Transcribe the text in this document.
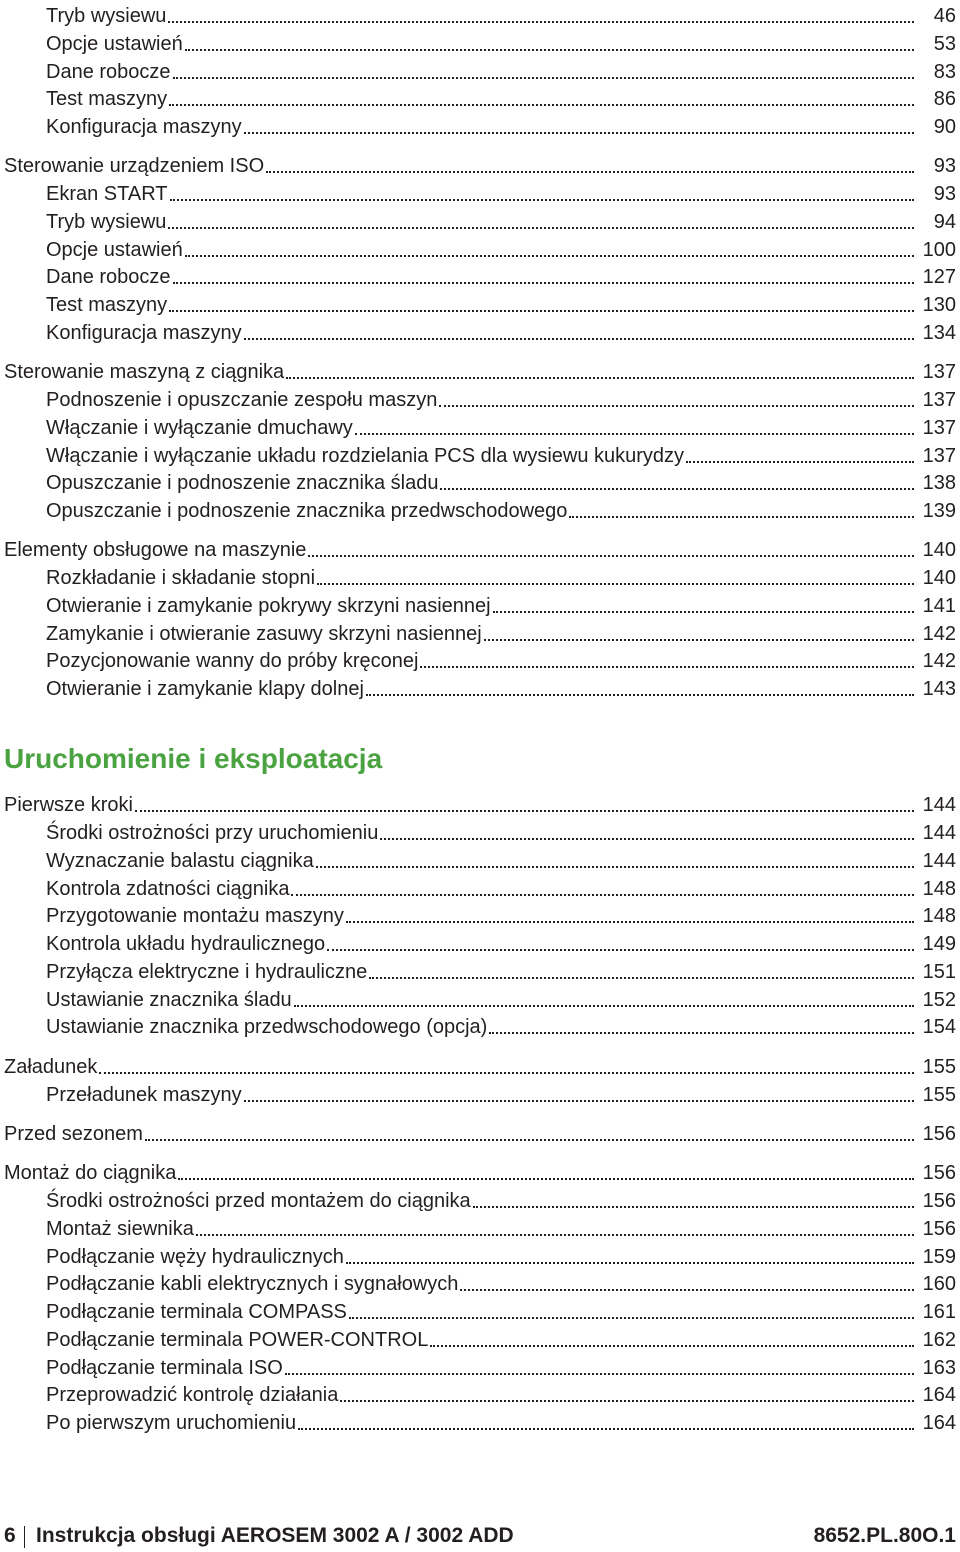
Uruchomienie i eksploatacja
Tryb wysiewu	46
Opcje ustawień	53
Dane robocze	83
Test maszyny	86
Konfiguracja maszyny	90
Sterowanie urządzeniem ISO	93
Ekran START	93
Tryb wysiewu	94
Opcje ustawień	100
Dane robocze	127
Test maszyny	130
Konfiguracja maszyny	134
Sterowanie maszyną z ciągnika	137
Podnoszenie i opuszczanie zespołu maszyn	137
Włączanie i wyłączanie dmuchawy	137
Włączanie i wyłączanie układu rozdzielania PCS dla wysiewu kukurydzy	137
Opuszczanie i podnoszenie znacznika śladu	138
Opuszczanie i podnoszenie znacznika przedwschodowego	139
Elementy obsługowe na maszynie	140
Rozkładanie i składanie stopni	140
Otwieranie i zamykanie pokrywy skrzyni nasiennej	141
Zamykanie i otwieranie zasuwy skrzyni nasiennej	142
Pozycjonowanie wanny do próby kręconej	142
Otwieranie i zamykanie klapy dolnej	143
Pierwsze kroki	144
Środki ostrożności przy uruchomieniu	144
Wyznaczanie balastu ciągnika	144
Kontrola zdatności ciągnika	148
Przygotowanie montażu maszyny	148
Kontrola układu hydraulicznego	149
Przyłącza elektryczne i hydrauliczne	151
Ustawianie znacznika śladu	152
Ustawianie znacznika przedwschodowego (opcja)	154
Załadunek	155
Przeładunek maszyny	155
Przed sezonem	156
Montaż do ciągnika	156
Środki ostrożności przed montażem do ciągnika	156
Montaż siewnika	156
Podłączanie węży hydraulicznych	159
Podłączanie kabli elektrycznych i sygnałowych	160
Podłączanie terminala COMPASS	161
Podłączanie terminala POWER-CONTROL	162
Podłączanie terminala ISO	163
Przeprowadzić kontrolę działania	164
Po pierwszym uruchomieniu	164
6 Instrukcja obsługi AEROSEM 3002 A / 3002 ADD	8652.PL.80O.1
